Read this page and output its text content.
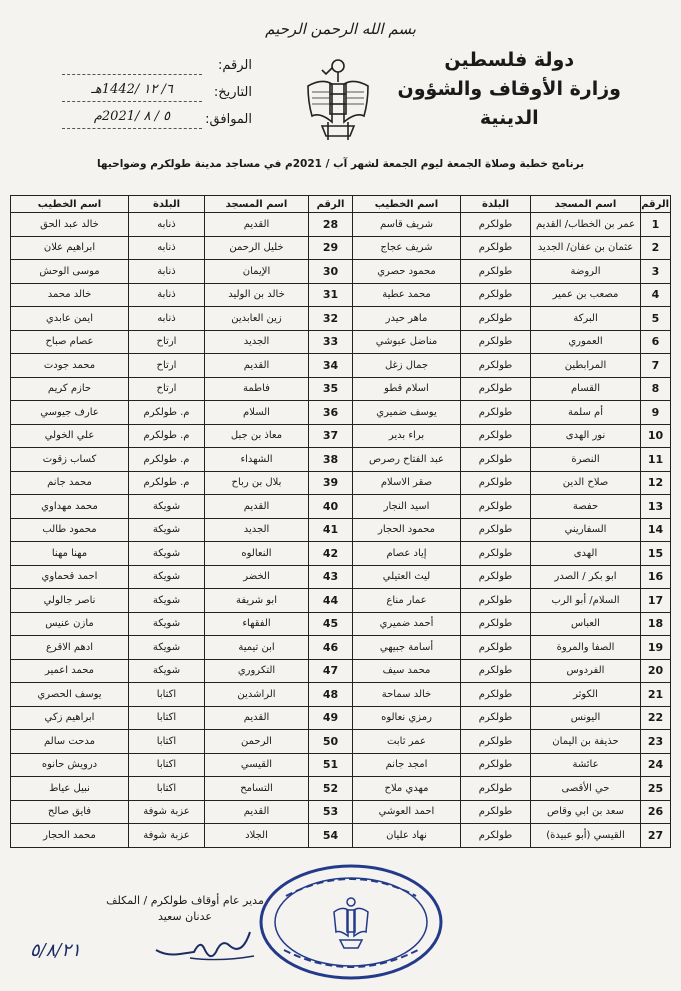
بسم الله الرحمن الرحيم
دولة فلسطين
وزارة الأوقاف والشؤون
الدينية
الرقم:
التاريخ:
٦/ ١٢ /1442هـ
الموافق:
٥ / ٨ /2021م
برنامج خطبة وصلاة الجمعة ليوم الجمعة لشهر آب / 2021م في مساجد مدينة طولكرم وضواحيها
الرقم	اسم المسجد	البلدة	اسم الخطيب	الرقم	اسم المسجد	البلدة	اسم الخطيب
1	عمر بن الخطاب/ القديم	طولكرم	شريف قاسم	28	القديم	ذنابه	خالد عبد الحق
2	عثمان بن عفان/ الجديد	طولكرم	شريف عجاج	29	خليل الرحمن	ذنابه	ابراهيم علان
3	الروضة	طولكرم	محمود حصري	30	الإيمان	ذنابة	موسى الوحش
4	مصعب بن عمير	طولكرم	محمد عطية	31	خالد بن الوليد	ذنابة	خالد محمد
5	البركة	طولكرم	ماهر حيدر	32	زين العابدين	ذنابه	ايمن عابدي
6	العموري	طولكرم	مناضل عبوشي	33	الجديد	ارتاح	عصام صباح
7	المرابطين	طولكرم	جمال زغل	34	القديم	ارتاح	محمد جودت
8	القسام	طولكرم	اسلام قطو	35	فاطمة	ارتاح	حازم كريم
9	أم سلمة	طولكرم	يوسف ضميري	36	السلام	م. طولكرم	عارف جيوسي
10	نور الهدى	طولكرم	براء بدير	37	معاذ بن جبل	م. طولكرم	علي الخولي
11	النصرة	طولكرم	عبد الفتاح رصرص	38	الشهداء	م. طولكرم	كساب زقوت
12	صلاح الدين	طولكرم	صقر الاسلام	39	بلال بن رباح	م. طولكرم	محمد جانم
13	حفصة	طولكرم	اسيد النجار	40	القديم	شويكة	محمد مهداوي
14	السفاريني	طولكرم	محمود الحجار	41	الجديد	شويكة	محمود طالب
15	الهدى	طولكرم	إياد عصام	42	النعالوه	شويكة	مهنا مهنا
16	ابو بكر / الصدر	طولكرم	ليث العتيلي	43	الخضر	شويكة	احمد قحماوي
17	السلام/ أبو الرب	طولكرم	عمار مناع	44	ابو شريفة	شويكة	ناصر جالولي
18	العباس	طولكرم	أحمد ضميري	45	الفقهاء	شويكة	مازن عنيس
19	الصفا والمروة	طولكرم	أسامة جبيهي	46	ابن تيمية	شويكة	ادهم الاقرع
20	الفردوس	طولكرم	محمد سيف	47	التكروري	شويكة	محمد اعمير
21	الكوثر	طولكرم	خالد سماحة	48	الراشدين	اكتابا	يوسف الحصري
22	اليونس	طولكرم	رمزي نعالوه	49	القديم	اكتابا	ابراهيم زكي
23	حذيفة بن اليمان	طولكرم	عمر ثابت	50	الرحمن	اكتابا	مدحت سالم
24	عائشة	طولكرم	امجد جانم	51	القيسي	اكتابا	درويش حانوه
25	حي الأقصى	طولكرم	مهدي ملاح	52	التسامح	اكتابا	نبيل عياط
26	سعد بن ابي وقاص	طولكرم	احمد العوشي	53	القديم	عزبة شوفة	فايق صالح
27	القيسي (أبو عبيدة)	طولكرم	نهاد عليان	54	الجلاد	عزبة شوفة	محمد الحجار
مدير عام أوقاف طولكرم / المكلف
عدنان سعيد
٥/٨/٢١
